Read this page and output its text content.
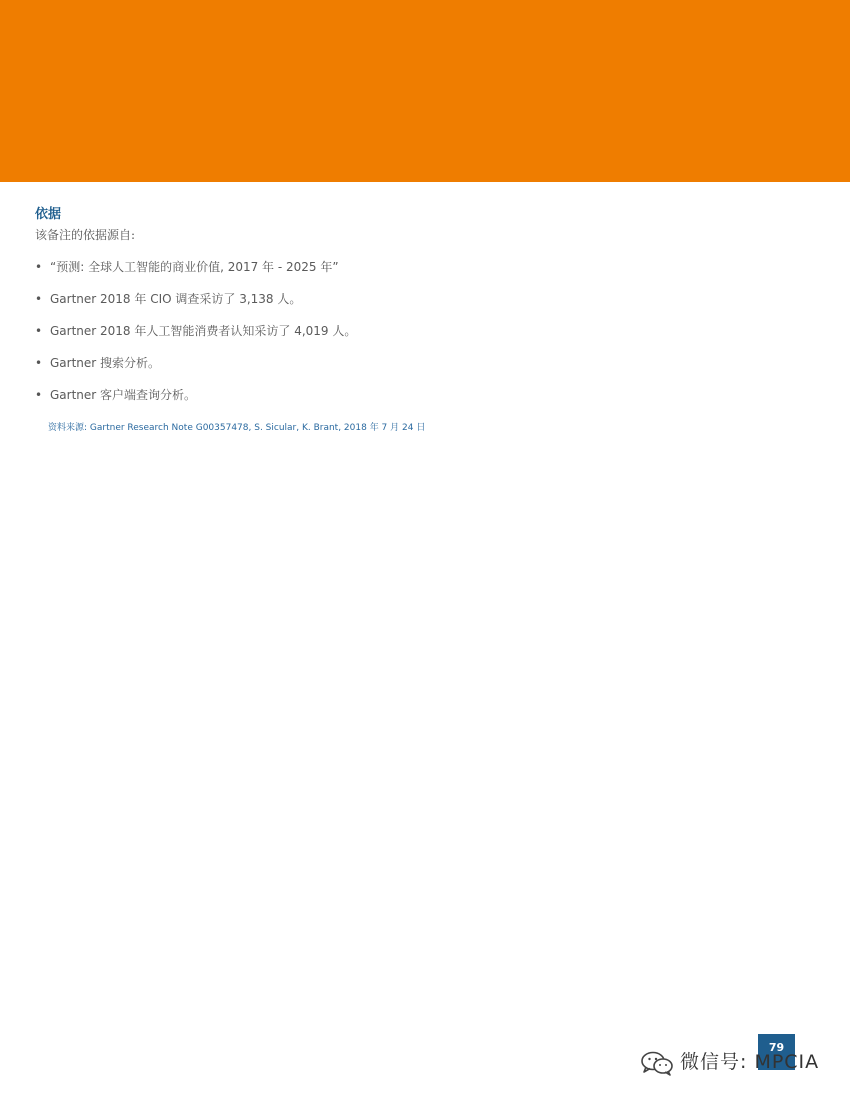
依据

该备注的依据源自:

• “预测: 全球人工智能的商业价值, 2017 年 - 2025 年”
• Gartner 2018 年 CIO 调查采访了 3,138 人。
• Gartner 2018 年人工智能消费者认知采访了 4,019 人。
• Gartner 搜索分析。
• Gartner 客户端查询分析。
资料来源: Gartner Research Note G00357478, S. Sicular, K. Brant, 2018 年 7 月 24 日
79
微信号: MPCIA
